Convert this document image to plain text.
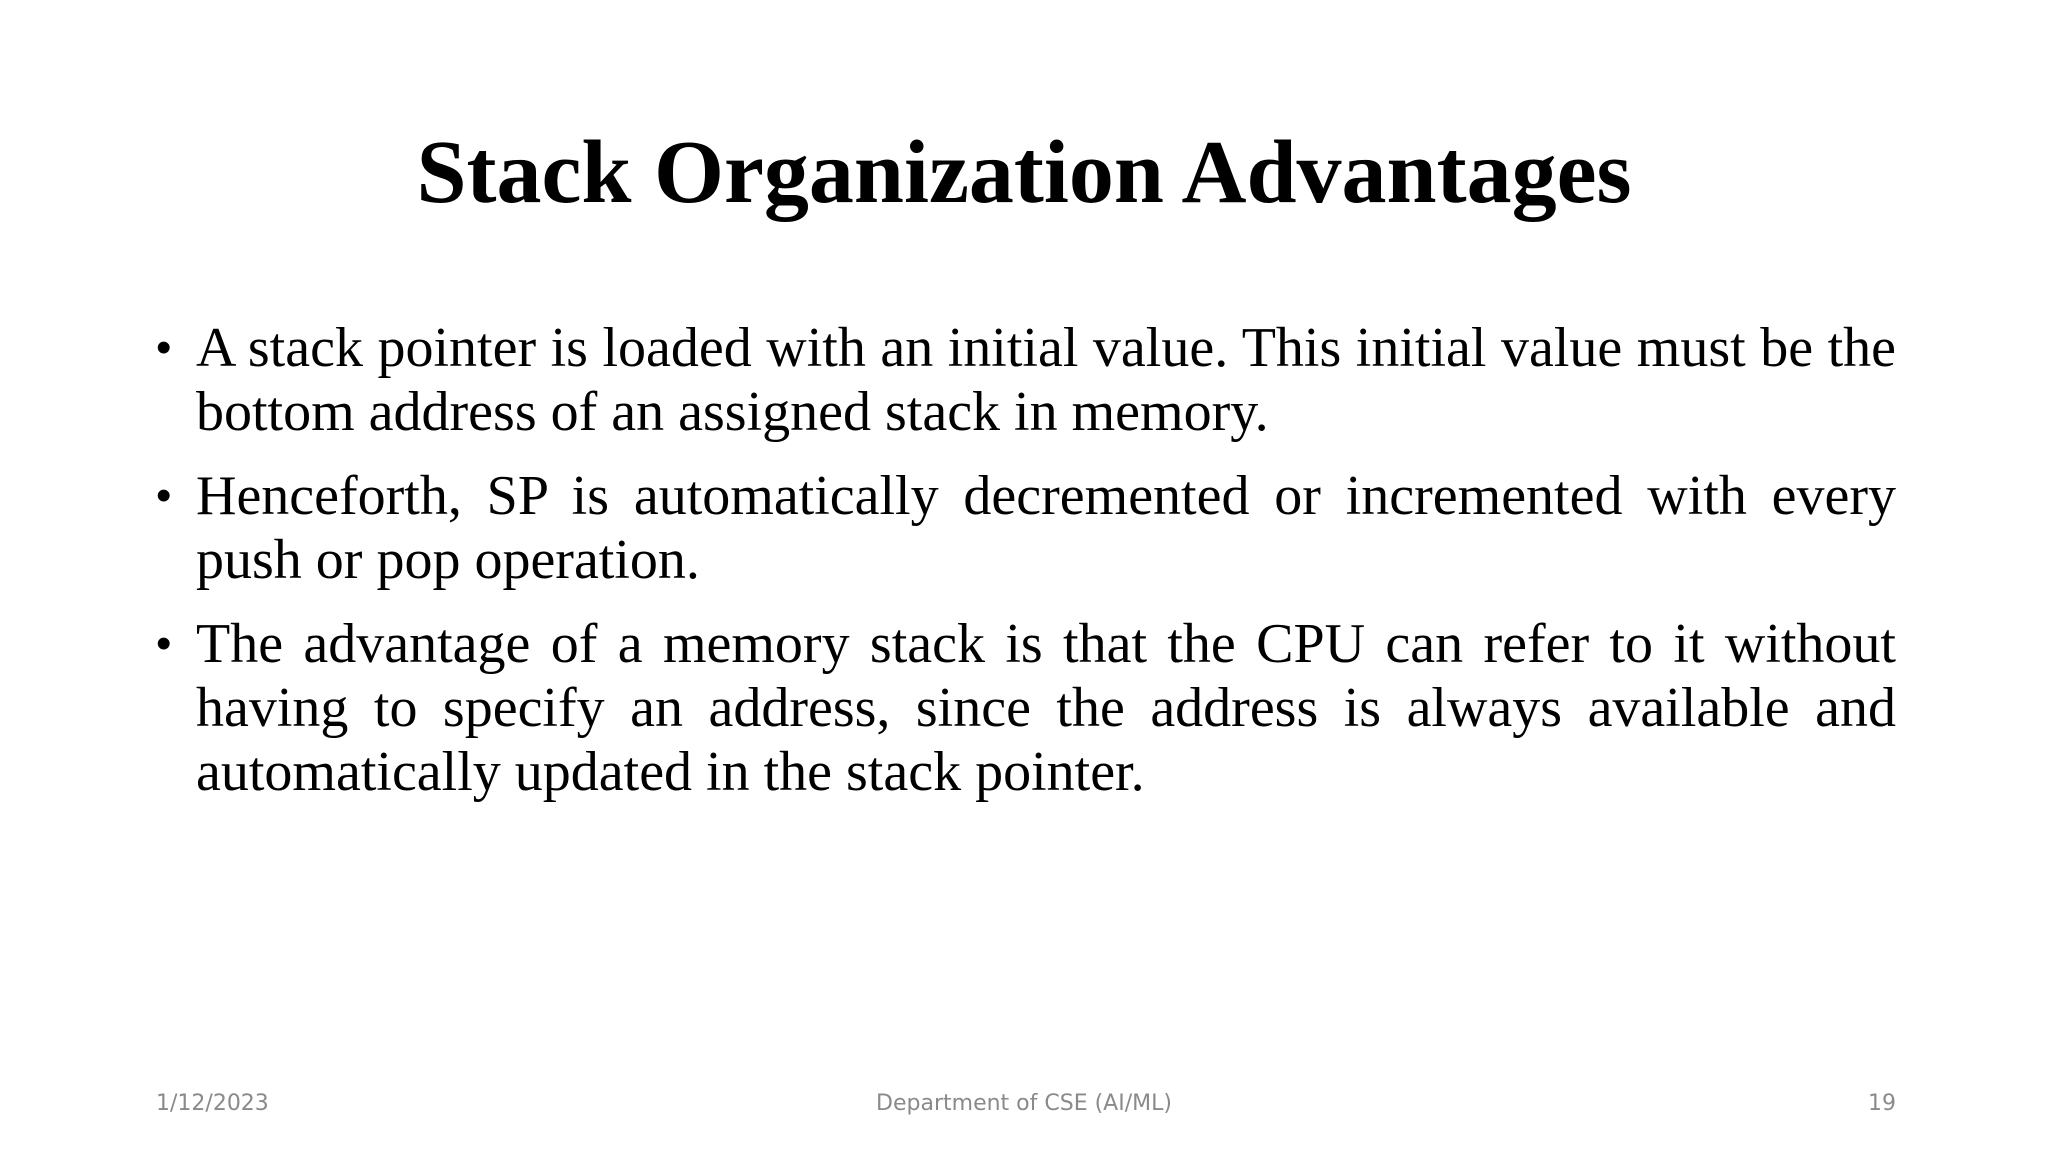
Stack Organization Advantages
• A stack pointer is loaded with an initial value. This initial value must be the bottom address of an assigned stack in memory.
• Henceforth, SP is automatically decremented or incremented with every push or pop operation.
• The advantage of a memory stack is that the CPU can refer to it without having to specify an address, since the address is always available and automatically updated in the stack pointer.
1/12/2023	Department of CSE (AI/ML)	19
